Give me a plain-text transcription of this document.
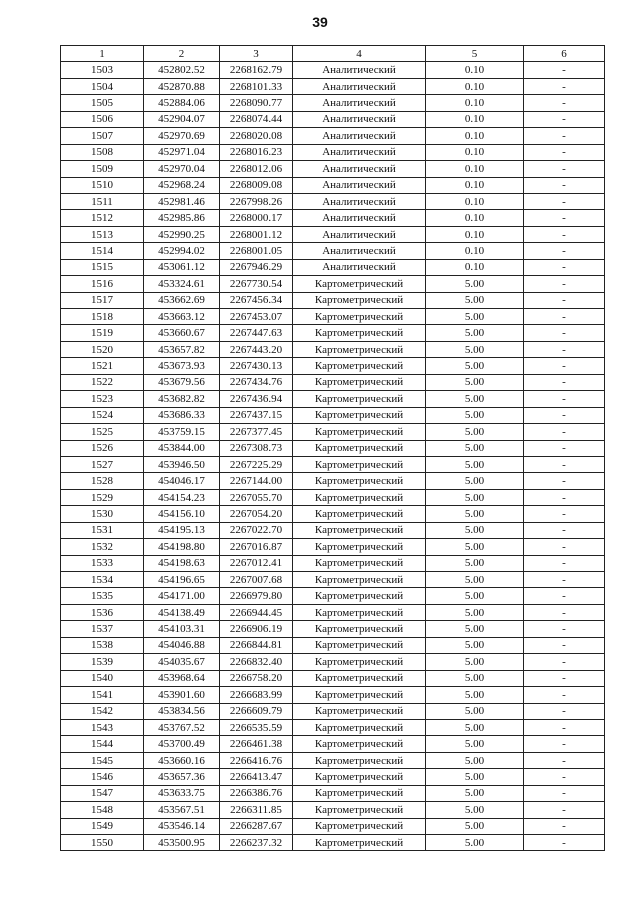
39
1	2	3	4	5	6
1503	452802.52	2268162.79	Аналитический	0.10	-
1504	452870.88	2268101.33	Аналитический	0.10	-
1505	452884.06	2268090.77	Аналитический	0.10	-
1506	452904.07	2268074.44	Аналитический	0.10	-
1507	452970.69	2268020.08	Аналитический	0.10	-
1508	452971.04	2268016.23	Аналитический	0.10	-
1509	452970.04	2268012.06	Аналитический	0.10	-
1510	452968.24	2268009.08	Аналитический	0.10	-
1511	452981.46	2267998.26	Аналитический	0.10	-
1512	452985.86	2268000.17	Аналитический	0.10	-
1513	452990.25	2268001.12	Аналитический	0.10	-
1514	452994.02	2268001.05	Аналитический	0.10	-
1515	453061.12	2267946.29	Аналитический	0.10	-
1516	453324.61	2267730.54	Картометрический	5.00	-
1517	453662.69	2267456.34	Картометрический	5.00	-
1518	453663.12	2267453.07	Картометрический	5.00	-
1519	453660.67	2267447.63	Картометрический	5.00	-
1520	453657.82	2267443.20	Картометрический	5.00	-
1521	453673.93	2267430.13	Картометрический	5.00	-
1522	453679.56	2267434.76	Картометрический	5.00	-
1523	453682.82	2267436.94	Картометрический	5.00	-
1524	453686.33	2267437.15	Картометрический	5.00	-
1525	453759.15	2267377.45	Картометрический	5.00	-
1526	453844.00	2267308.73	Картометрический	5.00	-
1527	453946.50	2267225.29	Картометрический	5.00	-
1528	454046.17	2267144.00	Картометрический	5.00	-
1529	454154.23	2267055.70	Картометрический	5.00	-
1530	454156.10	2267054.20	Картометрический	5.00	-
1531	454195.13	2267022.70	Картометрический	5.00	-
1532	454198.80	2267016.87	Картометрический	5.00	-
1533	454198.63	2267012.41	Картометрический	5.00	-
1534	454196.65	2267007.68	Картометрический	5.00	-
1535	454171.00	2266979.80	Картометрический	5.00	-
1536	454138.49	2266944.45	Картометрический	5.00	-
1537	454103.31	2266906.19	Картометрический	5.00	-
1538	454046.88	2266844.81	Картометрический	5.00	-
1539	454035.67	2266832.40	Картометрический	5.00	-
1540	453968.64	2266758.20	Картометрический	5.00	-
1541	453901.60	2266683.99	Картометрический	5.00	-
1542	453834.56	2266609.79	Картометрический	5.00	-
1543	453767.52	2266535.59	Картометрический	5.00	-
1544	453700.49	2266461.38	Картометрический	5.00	-
1545	453660.16	2266416.76	Картометрический	5.00	-
1546	453657.36	2266413.47	Картометрический	5.00	-
1547	453633.75	2266386.76	Картометрический	5.00	-
1548	453567.51	2266311.85	Картометрический	5.00	-
1549	453546.14	2266287.67	Картометрический	5.00	-
1550	453500.95	2266237.32	Картометрический	5.00	-
